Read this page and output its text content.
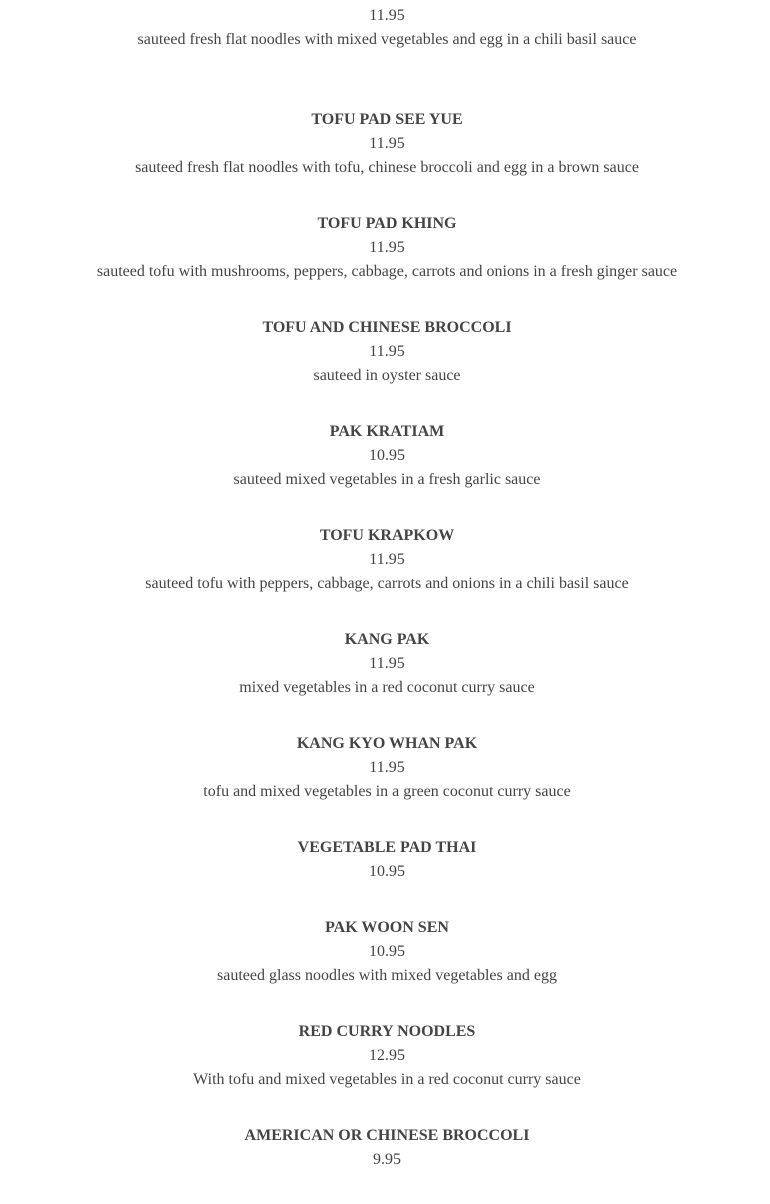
11.95
sauteed fresh flat noodles with mixed vegetables and egg in a chili basil sauce
TOFU PAD SEE YUE
11.95
sauteed fresh flat noodles with tofu, chinese broccoli and egg in a brown sauce
TOFU PAD KHING
11.95
sauteed tofu with mushrooms, peppers, cabbage, carrots and onions in a fresh ginger sauce
TOFU AND CHINESE BROCCOLI
11.95
sauteed in oyster sauce
PAK KRATIAM
10.95
sauteed mixed vegetables in a fresh garlic sauce
TOFU KRAPKOW
11.95
sauteed tofu with peppers, cabbage, carrots and onions in a chili basil sauce
KANG PAK
11.95
mixed vegetables in a red coconut curry sauce
KANG KYO WHAN PAK
11.95
tofu and mixed vegetables in a green coconut curry sauce
VEGETABLE PAD THAI
10.95
PAK WOON SEN
10.95
sauteed glass noodles with mixed vegetables and egg
RED CURRY NOODLES
12.95
With tofu and mixed vegetables in a red coconut curry sauce
AMERICAN OR CHINESE BROCCOLI
9.95
